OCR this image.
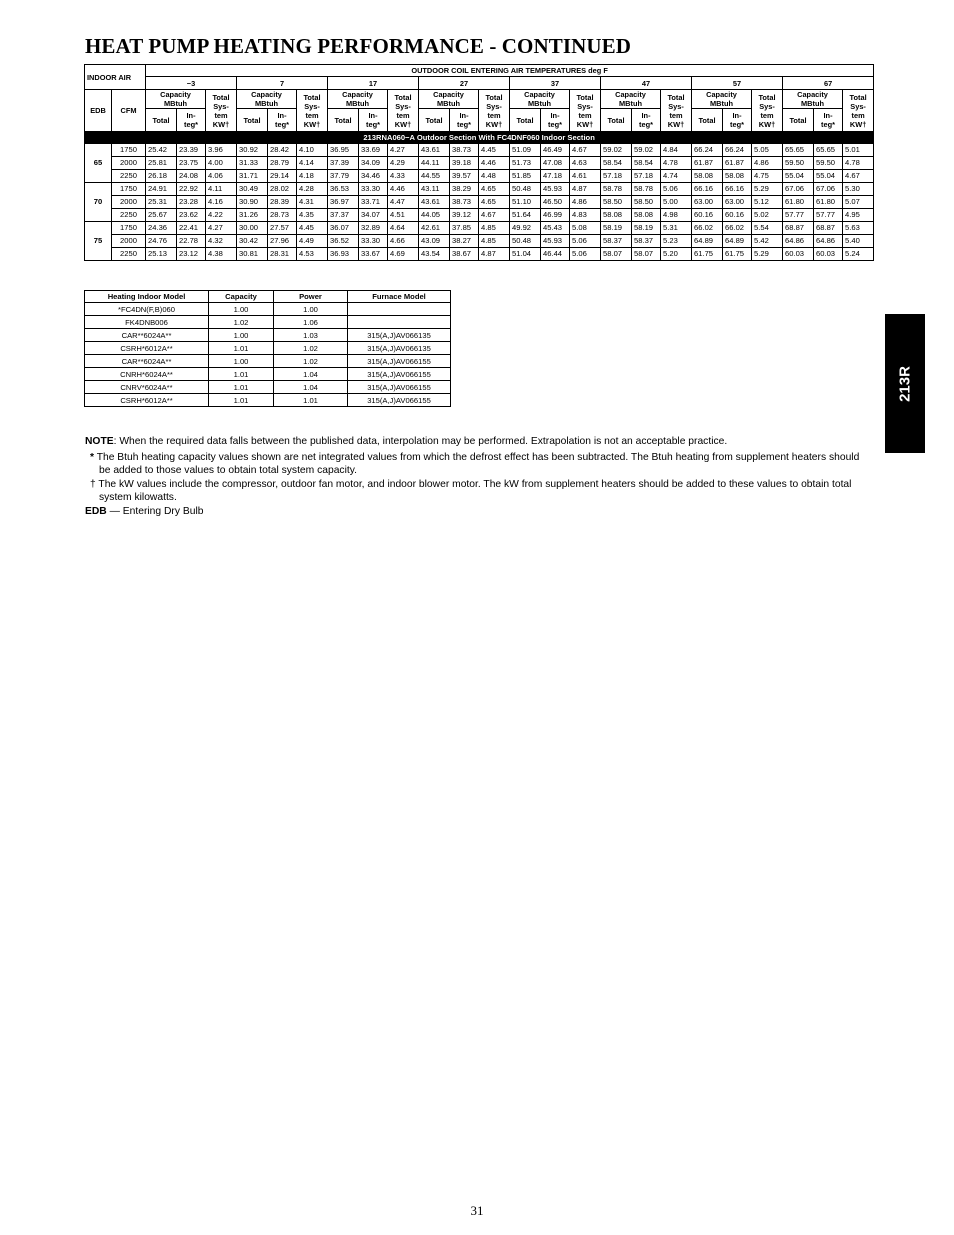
HEAT PUMP HEATING PERFORMANCE - CONTINUED
INDOOR AIR		OUTDOOR COIL ENTERING AIR TEMPERATURES deg F																							
		−3			7			17			27			37			47			57			67		
EDB	CFM	Capacity MBtuh		Total Sys- tem KW†	Capacity MBtuh		Total Sys- tem KW†	Capacity MBtuh		Total Sys- tem KW†	Capacity MBtuh		Total Sys- tem KW†	Capacity MBtuh		Total Sys- tem KW†	Capacity MBtuh		Total Sys- tem KW†	Capacity MBtuh		Total Sys- tem KW†	Capacity MBtuh		Total Sys- tem KW†
		Total	In- teg*		Total	In- teg*		Total	In- teg*		Total	In- teg*		Total	In- teg*		Total	In- teg*		Total	In- teg*		Total	In- teg*	
213RNA060−A Outdoor Section With FC4DNF060 Indoor Section																									
65	1750	25.42	23.39	3.96	30.92	28.42	4.10	36.95	33.69	4.27	43.61	38.73	4.45	51.09	46.49	4.67	59.02	59.02	4.84	66.24	66.24	5.05	65.65	65.65	5.01
	2000	25.81	23.75	4.00	31.33	28.79	4.14	37.39	34.09	4.29	44.11	39.18	4.46	51.73	47.08	4.63	58.54	58.54	4.78	61.87	61.87	4.86	59.50	59.50	4.78
	2250	26.18	24.08	4.06	31.71	29.14	4.18	37.79	34.46	4.33	44.55	39.57	4.48	51.85	47.18	4.61	57.18	57.18	4.74	58.08	58.08	4.75	55.04	55.04	4.67
70	1750	24.91	22.92	4.11	30.49	28.02	4.28	36.53	33.30	4.46	43.11	38.29	4.65	50.48	45.93	4.87	58.78	58.78	5.06	66.16	66.16	5.29	67.06	67.06	5.30
	2000	25.31	23.28	4.16	30.90	28.39	4.31	36.97	33.71	4.47	43.61	38.73	4.65	51.10	46.50	4.86	58.50	58.50	5.00	63.00	63.00	5.12	61.80	61.80	5.07
	2250	25.67	23.62	4.22	31.26	28.73	4.35	37.37	34.07	4.51	44.05	39.12	4.67	51.64	46.99	4.83	58.08	58.08	4.98	60.16	60.16	5.02	57.77	57.77	4.95
75	1750	24.36	22.41	4.27	30.00	27.57	4.45	36.07	32.89	4.64	42.61	37.85	4.85	49.92	45.43	5.08	58.19	58.19	5.31	66.02	66.02	5.54	68.87	68.87	5.63
	2000	24.76	22.78	4.32	30.42	27.96	4.49	36.52	33.30	4.66	43.09	38.27	4.85	50.48	45.93	5.06	58.37	58.37	5.23	64.89	64.89	5.42	64.86	64.86	5.40
	2250	25.13	23.12	4.38	30.81	28.31	4.53	36.93	33.67	4.69	43.54	38.67	4.87	51.04	46.44	5.06	58.07	58.07	5.20	61.75	61.75	5.29	60.03	60.03	5.24
Heating Indoor Model	Capacity	Power	Furnace Model
*FC4DN(F,B)060	1.00	1.00	
FK4DNB006	1.02	1.06	
CAR**6024A**	1.00	1.03	315(A,J)AV066135
CSRH*6012A**	1.01	1.02	315(A,J)AV066135
CAR**6024A**	1.00	1.02	315(A,J)AV066155
CNRH*6024A**	1.01	1.04	315(A,J)AV066155
CNRV*6024A**	1.01	1.04	315(A,J)AV066155
CSRH*6012A**	1.01	1.01	315(A,J)AV066155	213R

NOTE: When the required data falls between the published data, interpolation may be performed. Extrapolation is not an acceptable practice.

* The Btuh heating capacity values shown are net integrated values from which the defrost effect has been subtracted. The Btuh heating from supplement heaters should be added to those values to obtain total system capacity.

† The kW values include the compressor, outdoor fan motor, and indoor blower motor. The kW from supplement heaters should be added to these values to obtain total system kilowatts.

EDB — Entering Dry Bulb

31
